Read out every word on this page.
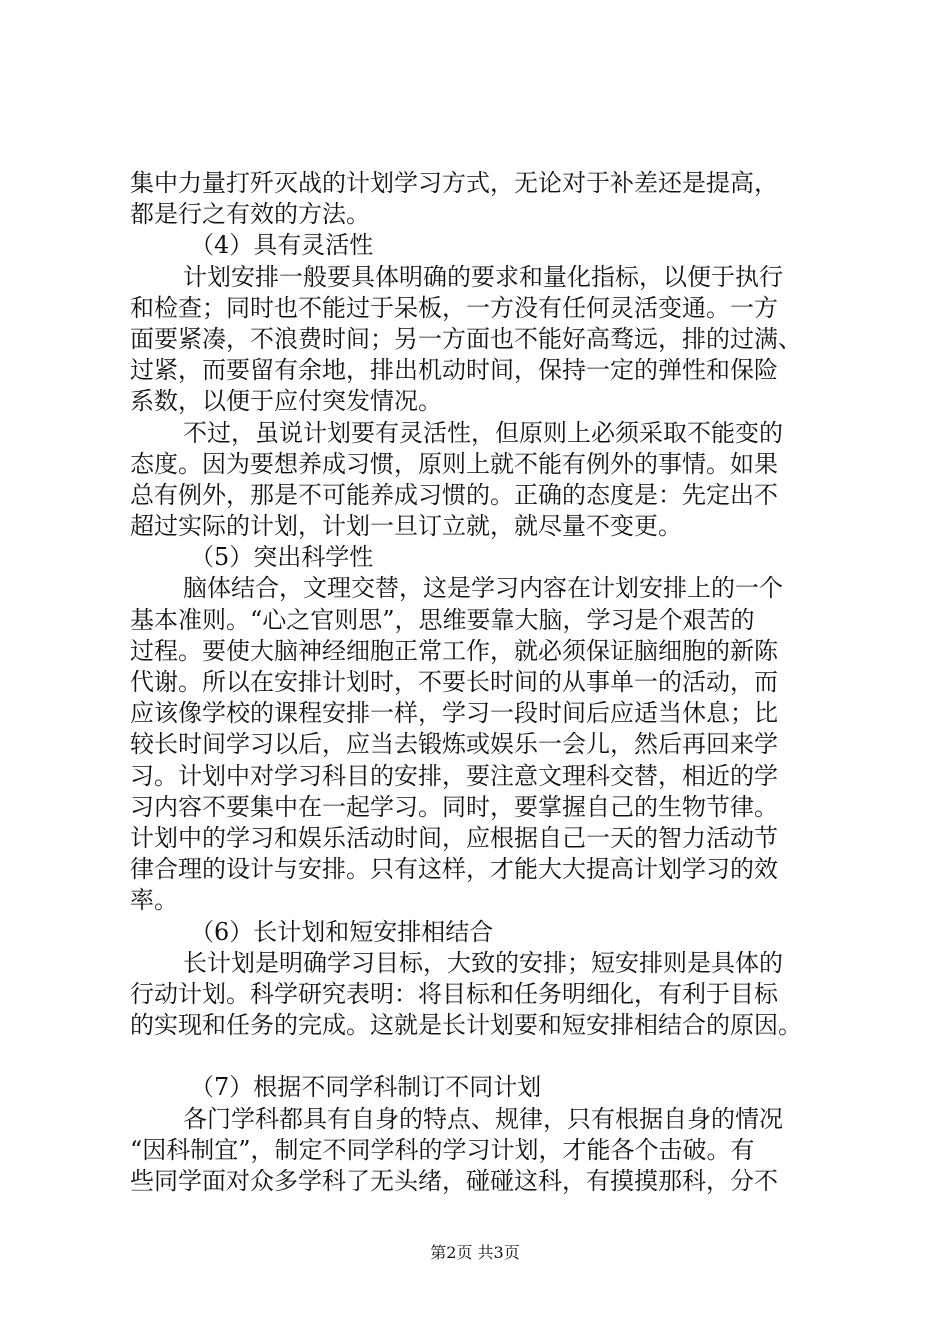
集中力量打歼灭战的计划学习方式，无论对于补差还是提高，

都是行之有效的方法。

（4）具有灵活性

计划安排一般要具体明确的要求和量化指标，以便于执行

和检查；同时也不能过于呆板，一方没有任何灵活变通。一方

面要紧凑，不浪费时间；另一方面也不能好高骛远，排的过满、

过紧，而要留有余地，排出机动时间，保持一定的弹性和保险

系数，以便于应付突发情况。

不过，虽说计划要有灵活性，但原则上必须采取不能变的

态度。因为要想养成习惯，原则上就不能有例外的事情。如果

总有例外，那是不可能养成习惯的。正确的态度是：先定出不

超过实际的计划，计划一旦订立就，就尽量不变更。

（5）突出科学性

脑体结合，文理交替，这是学习内容在计划安排上的一个

基本准则。“心之官则思”，思维要靠大脑，学习是个艰苦的

过程。要使大脑神经细胞正常工作，就必须保证脑细胞的新陈

代谢。所以在安排计划时，不要长时间的从事单一的活动，而

应该像学校的课程安排一样，学习一段时间后应适当休息；比

较长时间学习以后，应当去锻炼或娱乐一会儿，然后再回来学

习。计划中对学习科目的安排，要注意文理科交替，相近的学

习内容不要集中在一起学习。同时，要掌握自己的生物节律。

计划中的学习和娱乐活动时间，应根据自己一天的智力活动节

律合理的设计与安排。只有这样，才能大大提高计划学习的效

率。

（6）长计划和短安排相结合

长计划是明确学习目标，大致的安排；短安排则是具体的

行动计划。科学研究表明：将目标和任务明细化，有利于目标

的实现和任务的完成。这就是长计划要和短安排相结合的原因。

（7）根据不同学科制订不同计划

各门学科都具有自身的特点、规律，只有根据自身的情况

“因科制宜”，制定不同学科的学习计划，才能各个击破。有

些同学面对众多学科了无头绪，碰碰这科，有摸摸那科，分不

第2页 共3页
